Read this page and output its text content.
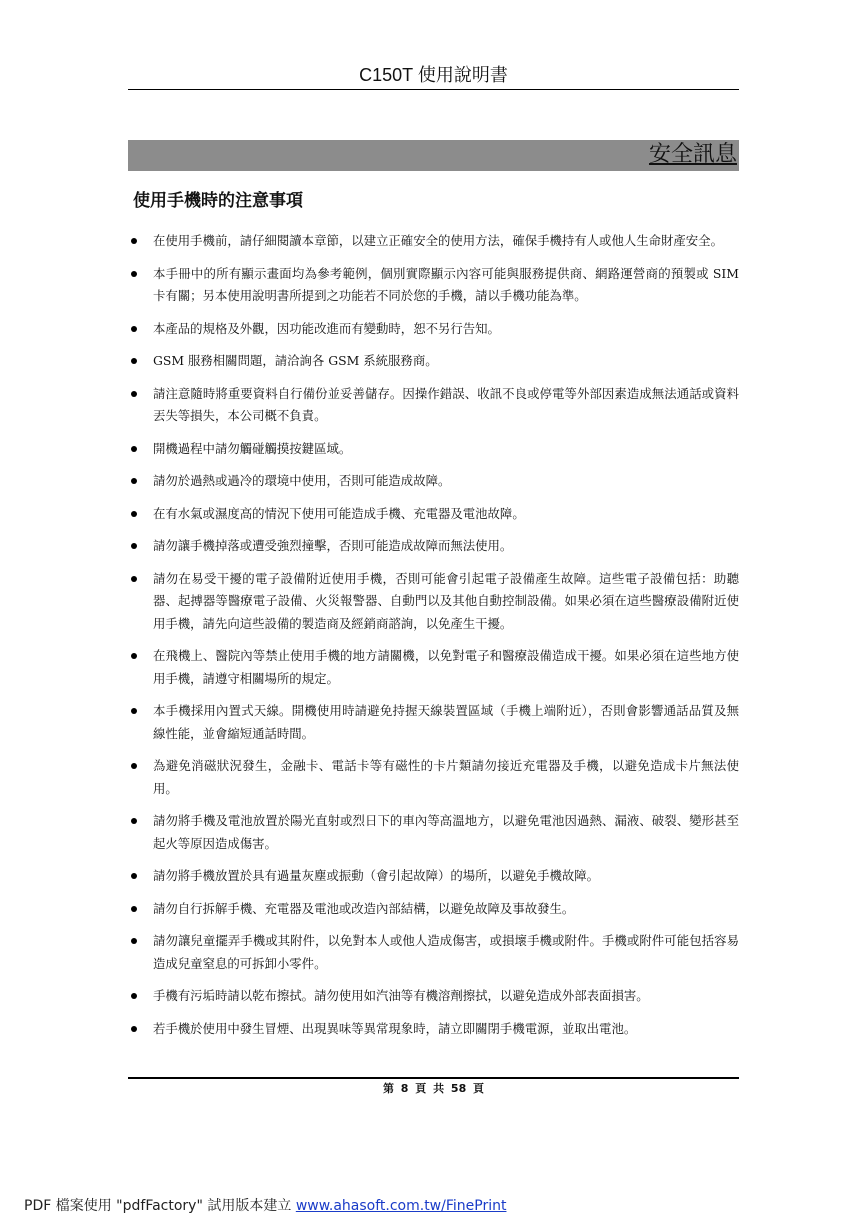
C150T 使用說明書
安全訊息
使用手機時的注意事項
在使用手機前，請仔細閱讀本章節，以建立正確安全的使用方法，確保手機持有人或他人生命財產安全。
本手冊中的所有顯示畫面均為參考範例，個別實際顯示內容可能與服務提供商、網路運營商的預製或 SIM 卡有關；另本使用說明書所提到之功能若不同於您的手機，請以手機功能為準。
本產品的規格及外觀，因功能改進而有變動時，恕不另行告知。
GSM 服務相關問題，請洽詢各 GSM 系統服務商。
請注意隨時將重要資料自行備份並妥善儲存。因操作錯誤、收訊不良或停電等外部因素造成無法通話或資料丟失等損失，本公司概不負責。
開機過程中請勿觸碰觸摸按鍵區域。
請勿於過熱或過冷的環境中使用，否則可能造成故障。
在有水氣或濕度高的情況下使用可能造成手機、充電器及電池故障。
請勿讓手機掉落或遭受強烈撞擊，否則可能造成故障而無法使用。
請勿在易受干擾的電子設備附近使用手機，否則可能會引起電子設備產生故障。這些電子設備包括：助聽器、起搏器等醫療電子設備、火災報警器、自動門以及其他自動控制設備。如果必須在這些醫療設備附近使用手機，請先向這些設備的製造商及經銷商諮詢，以免產生干擾。
在飛機上、醫院內等禁止使用手機的地方請關機，以免對電子和醫療設備造成干擾。如果必須在這些地方使用手機，請遵守相關場所的規定。
本手機採用內置式天線。開機使用時請避免持握天線裝置區域（手機上端附近），否則會影響通話品質及無線性能，並會縮短通話時間。
為避免消磁狀況發生，金融卡、電話卡等有磁性的卡片類請勿接近充電器及手機，以避免造成卡片無法使用。
請勿將手機及電池放置於陽光直射或烈日下的車內等高溫地方，以避免電池因過熱、漏液、破裂、變形甚至起火等原因造成傷害。
請勿將手機放置於具有過量灰塵或振動（會引起故障）的場所，以避免手機故障。
請勿自行拆解手機、充電器及電池或改造內部結構，以避免故障及事故發生。
請勿讓兒童擺弄手機或其附件，以免對本人或他人造成傷害，或損壞手機或附件。手機或附件可能包括容易造成兒童窒息的可拆卸小零件。
手機有污垢時請以乾布擦拭。請勿使用如汽油等有機溶劑擦拭，以避免造成外部表面損害。
若手機於使用中發生冒煙、出現異味等異常現象時，請立即關閉手機電源，並取出電池。
第 8 頁 共 58 頁
PDF 檔案使用 "pdfFactory" 試用版本建立 www.ahasoft.com.tw/FinePrint
